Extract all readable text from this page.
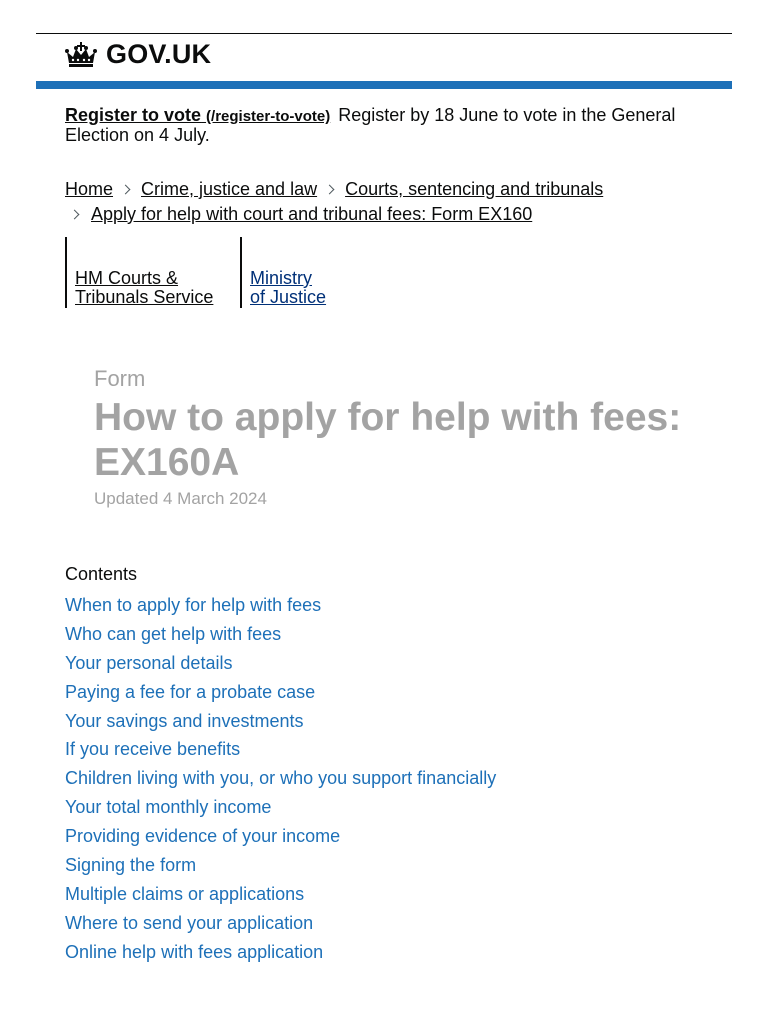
GOV.UK
Register to vote (/register-to-vote) Register by 18 June to vote in the General Election on 4 July.
Home Crime, justice and law Courts, sentencing and tribunals
Apply for help with court and tribunal fees: Form EX160
HM Courts &
Tribunals Service
Ministry
of Justice
Form
How to apply for help with fees: EX160A
Updated 4 March 2024
Contents
When to apply for help with fees
Who can get help with fees
Your personal details
Paying a fee for a probate case
Your savings and investments
If you receive benefits
Children living with you, or who you support financially
Your total monthly income
Providing evidence of your income
Signing the form
Multiple claims or applications
Where to send your application
Online help with fees application
